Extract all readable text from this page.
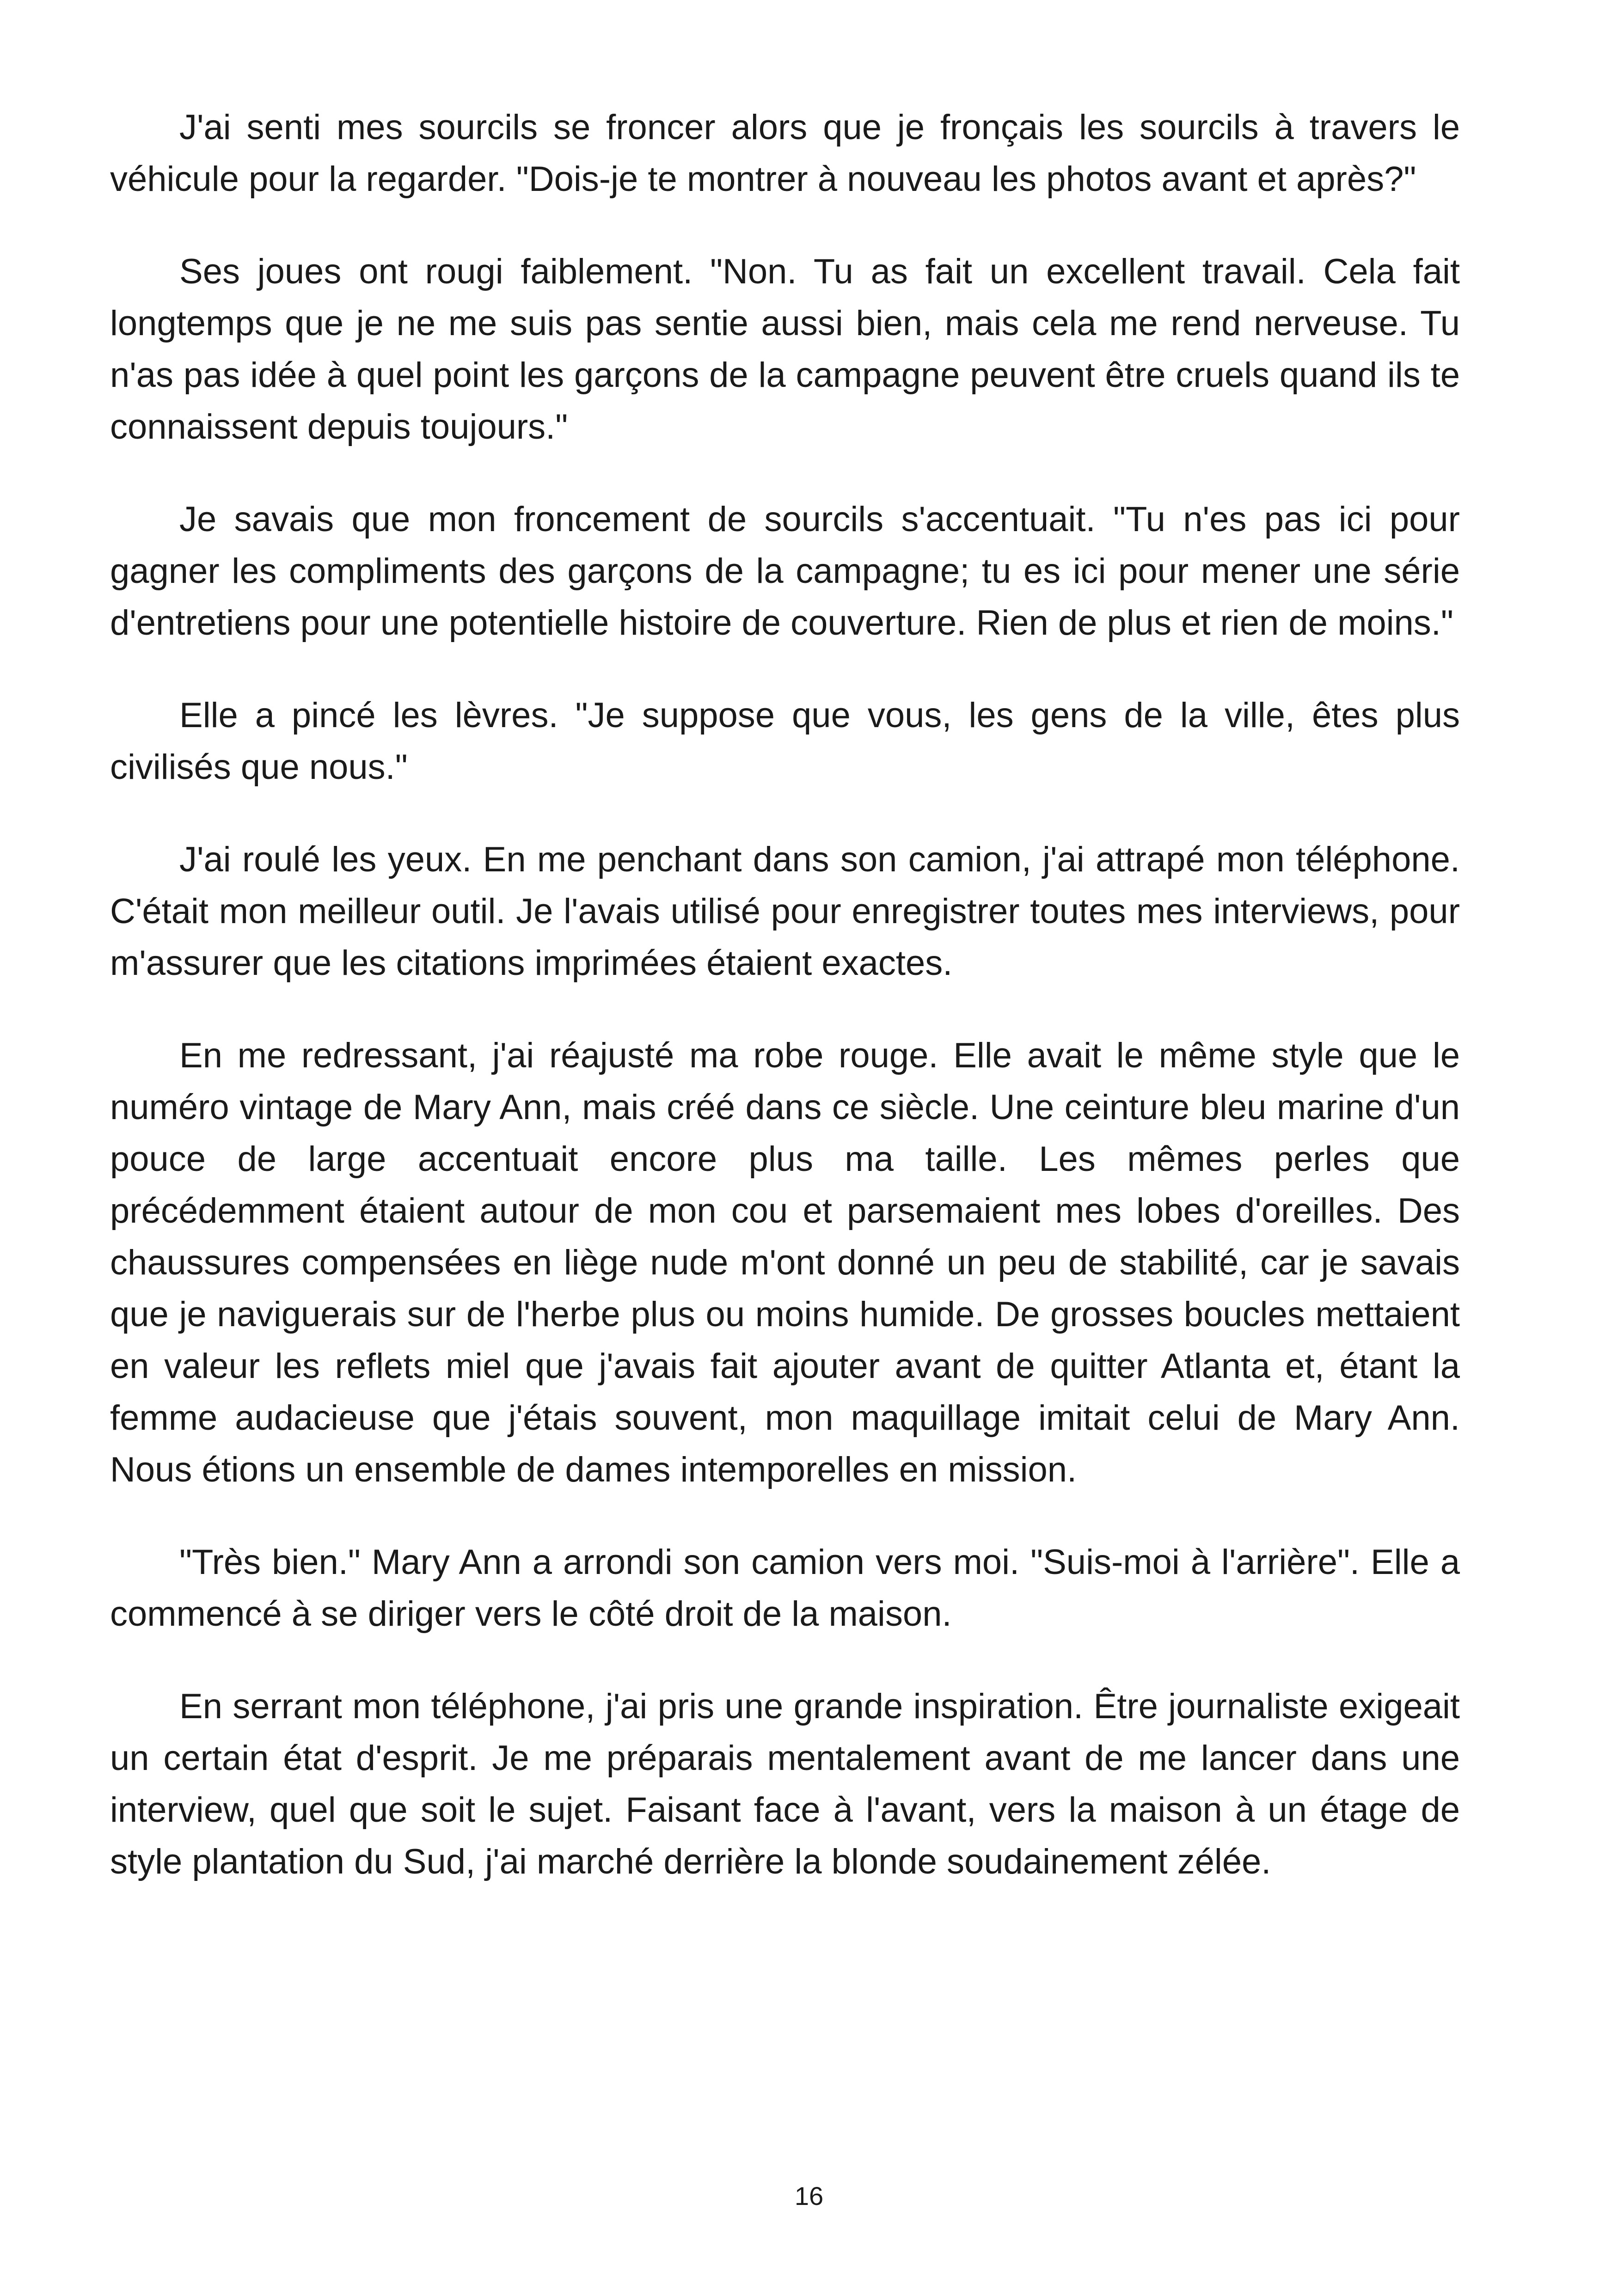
J'ai senti mes sourcils se froncer alors que je fronçais les sourcils à travers le véhicule pour la regarder. "Dois-je te montrer à nouveau les photos avant et après?"

Ses joues ont rougi faiblement. "Non. Tu as fait un excellent travail. Cela fait longtemps que je ne me suis pas sentie aussi bien, mais cela me rend nerveuse. Tu n'as pas idée à quel point les garçons de la campagne peuvent être cruels quand ils te connaissent depuis toujours."

Je savais que mon froncement de sourcils s'accentuait. "Tu n'es pas ici pour gagner les compliments des garçons de la campagne; tu es ici pour mener une série d'entretiens pour une potentielle histoire de couverture. Rien de plus et rien de moins."

Elle a pincé les lèvres. "Je suppose que vous, les gens de la ville, êtes plus civilisés que nous."

J'ai roulé les yeux. En me penchant dans son camion, j'ai attrapé mon téléphone. C'était mon meilleur outil. Je l'avais utilisé pour enregistrer toutes mes interviews, pour m'assurer que les citations imprimées étaient exactes.

En me redressant, j'ai réajusté ma robe rouge. Elle avait le même style que le numéro vintage de Mary Ann, mais créé dans ce siècle. Une ceinture bleu marine d'un pouce de large accentuait encore plus ma taille. Les mêmes perles que précédemment étaient autour de mon cou et parsemaient mes lobes d'oreilles. Des chaussures compensées en liège nude m'ont donné un peu de stabilité, car je savais que je naviguerais sur de l'herbe plus ou moins humide. De grosses boucles mettaient en valeur les reflets miel que j'avais fait ajouter avant de quitter Atlanta et, étant la femme audacieuse que j'étais souvent, mon maquillage imitait celui de Mary Ann. Nous étions un ensemble de dames intemporelles en mission.

"Très bien." Mary Ann a arrondi son camion vers moi. "Suis-moi à l'arrière". Elle a commencé à se diriger vers le côté droit de la maison.

En serrant mon téléphone, j'ai pris une grande inspiration. Être journaliste exigeait un certain état d'esprit. Je me préparais mentalement avant de me lancer dans une interview, quel que soit le sujet. Faisant face à l'avant, vers la maison à un étage de style plantation du Sud, j'ai marché derrière la blonde soudainement zélée.

16
